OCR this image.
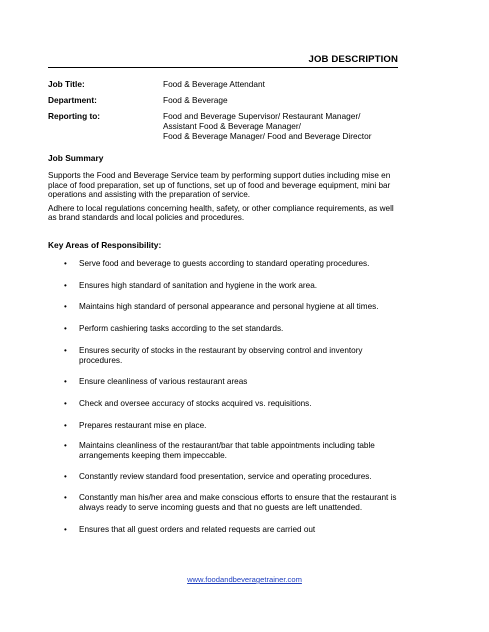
JOB DESCRIPTION
Job Title:	Food & Beverage Attendant
Department:	Food & Beverage
Reporting to:	Food and Beverage Supervisor/ Restaurant Manager/
Assistant Food & Beverage Manager/
Food & Beverage Manager/ Food and Beverage Director
Job Summary

Supports the Food and Beverage Service team by performing support duties including mise en place of food preparation, set up of functions, set up of food and beverage equipment, mini bar operations and assisting with the preparation of service.

Adhere to local regulations concerning health, safety, or other compliance requirements, as well as brand standards and local policies and procedures.

Key Areas of Responsibility:
• Serve food and beverage to guests according to standard operating procedures.
• Ensures high standard of sanitation and hygiene in the work area.
• Maintains high standard of personal appearance and personal hygiene at all times.
• Perform cashiering tasks according to the set standards.
• Ensures security of stocks in the restaurant by observing control and inventory procedures.
• Ensure cleanliness of various restaurant areas
• Check and oversee accuracy of stocks acquired vs. requisitions.
• Prepares restaurant mise en place.
• Maintains cleanliness of the restaurant/bar that table appointments including table arrangements keeping them impeccable.
• Constantly review standard food presentation, service and operating procedures.
• Constantly man his/her area and make conscious efforts to ensure that the restaurant is always ready to serve incoming guests and that no guests are left unattended.
• Ensures that all guest orders and related requests are carried out
www.foodandbeveragetrainer.com
